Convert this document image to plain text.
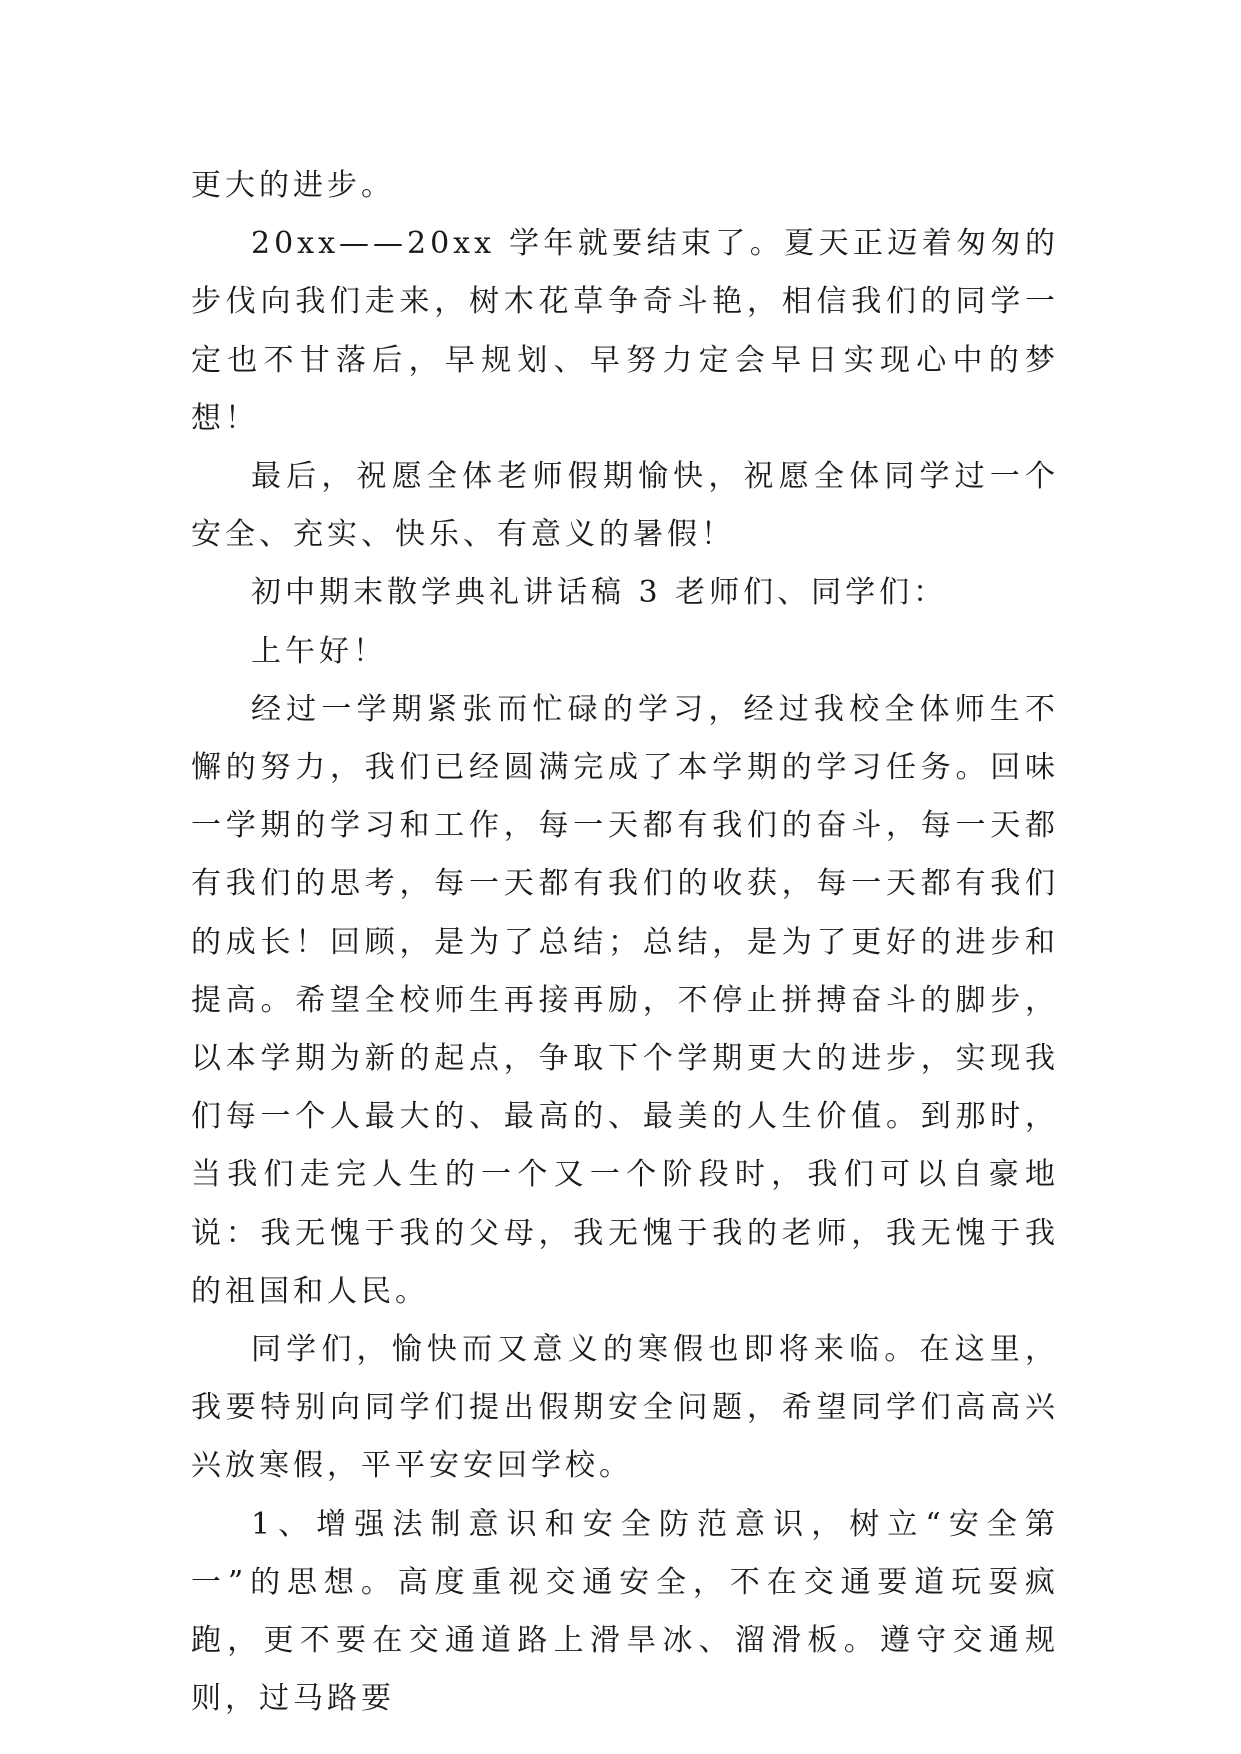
更大的进步。

20xx——20xx 学年就要结束了。夏天正迈着匆匆的步伐向我们走来，树木花草争奇斗艳，相信我们的同学一定也不甘落后，早规划、早努力定会早日实现心中的梦想！

最后，祝愿全体老师假期愉快，祝愿全体同学过一个安全、充实、快乐、有意义的暑假！

初中期末散学典礼讲话稿 3 老师们、同学们：

上午好！

经过一学期紧张而忙碌的学习，经过我校全体师生不懈的努力，我们已经圆满完成了本学期的学习任务。回味一学期的学习和工作，每一天都有我们的奋斗，每一天都有我们的思考，每一天都有我们的收获，每一天都有我们的成长！回顾，是为了总结；总结，是为了更好的进步和提高。希望全校师生再接再励，不停止拼搏奋斗的脚步，以本学期为新的起点，争取下个学期更大的进步，实现我们每一个人最大的、最高的、最美的人生价值。到那时，当我们走完人生的一个又一个阶段时，我们可以自豪地说：我无愧于我的父母，我无愧于我的老师，我无愧于我的祖国和人民。

同学们，愉快而又意义的寒假也即将来临。在这里，我要特别向同学们提出假期安全问题，希望同学们高高兴兴放寒假，平平安安回学校。

1、增强法制意识和安全防范意识，树立“安全第一”的思想。高度重视交通安全，不在交通要道玩耍疯跑，更不要在交通道路上滑旱冰、溜滑板。遵守交通规则，过马路要
